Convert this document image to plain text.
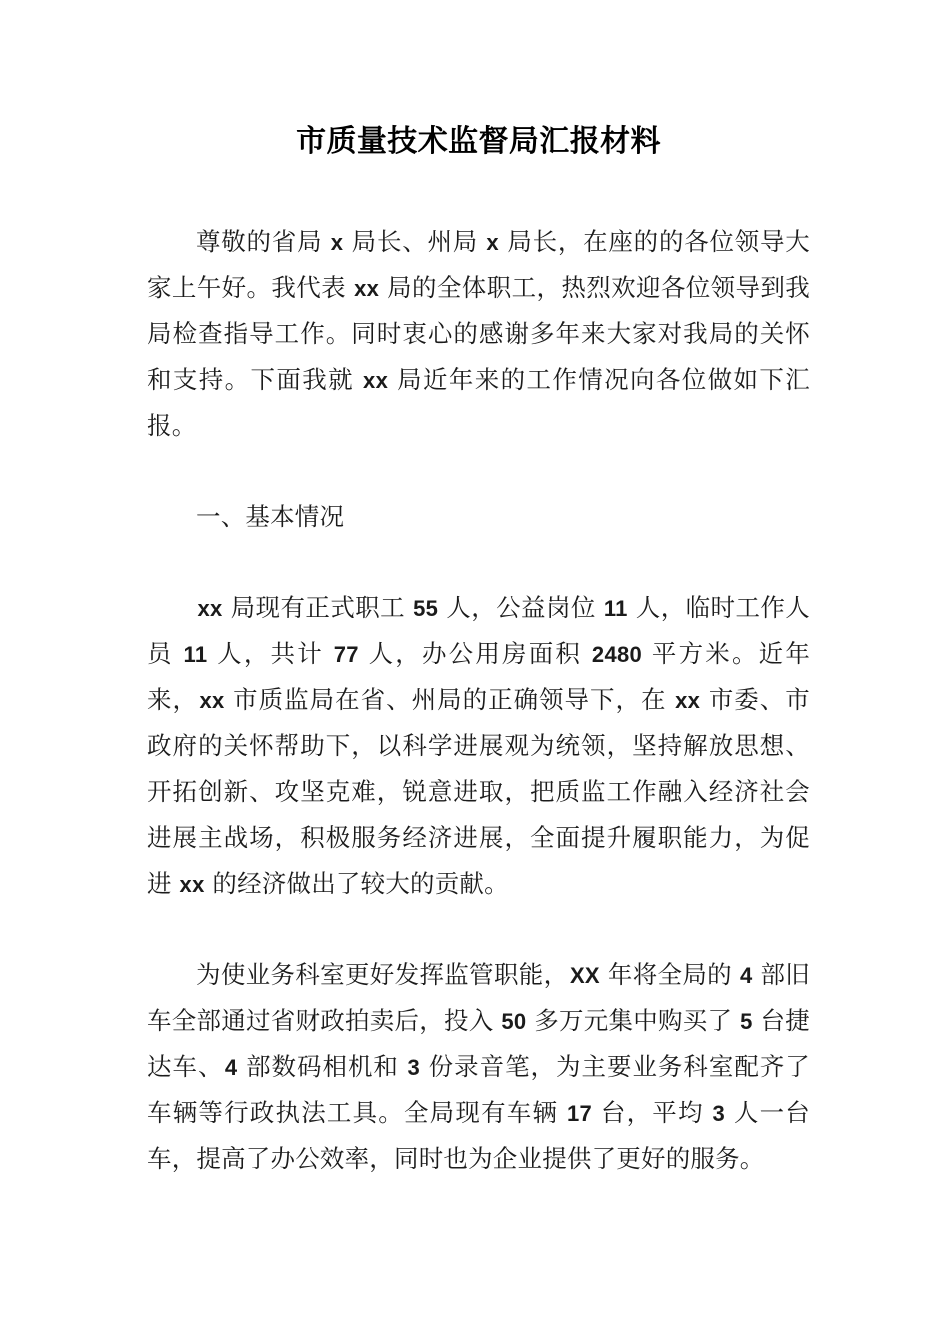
市质量技术监督局汇报材料

尊敬的省局 x 局长、州局 x 局长，在座的的各位领导大家上午好。我代表 xx 局的全体职工，热烈欢迎各位领导到我局检查指导工作。同时衷心的感谢多年来大家对我局的关怀和支持。下面我就 xx 局近年来的工作情况向各位做如下汇报。

一、基本情况

xx 局现有正式职工 55 人，公益岗位 11 人，临时工作人员 11 人，共计 77 人，办公用房面积 2480 平方米。近年来，xx 市质监局在省、州局的正确领导下，在 xx 市委、市政府的关怀帮助下，以科学进展观为统领，坚持解放思想、开拓创新、攻坚克难，锐意进取，把质监工作融入经济社会进展主战场，积极服务经济进展，全面提升履职能力，为促进 xx 的经济做出了较大的贡献。

为使业务科室更好发挥监管职能，XX 年将全局的 4 部旧车全部通过省财政拍卖后，投入 50 多万元集中购买了 5 台捷达车、4 部数码相机和 3 份录音笔，为主要业务科室配齐了车辆等行政执法工具。全局现有车辆 17 台，平均 3 人一台车，提高了办公效率，同时也为企业提供了更好的服务。
